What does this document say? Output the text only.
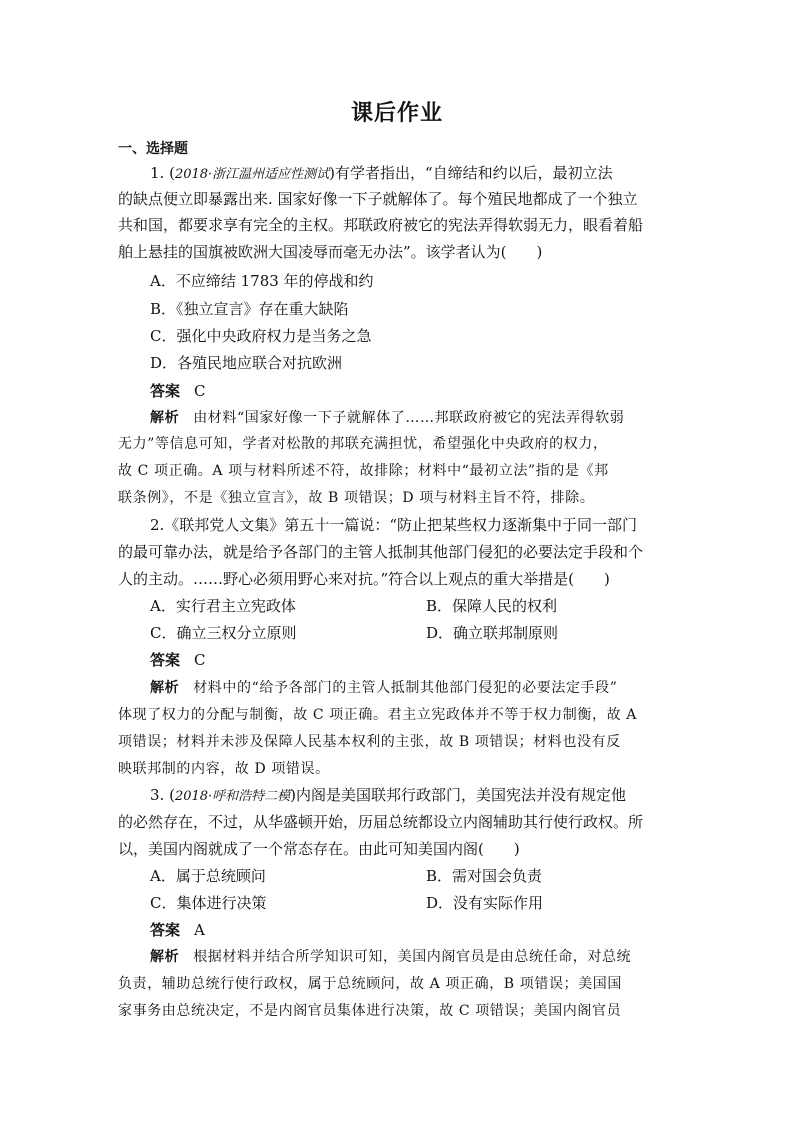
课后作业
一、选择题
1. (2018·浙江温州适应性测试)有学者指出，“自缔结和约以后，最初立法
的缺点便立即暴露出来. 国家好像一下子就解体了。每个殖民地都成了一个独立
共和国，都要求享有完全的主权。邦联政府被它的宪法弄得软弱无力，眼看着船
舶上悬挂的国旗被欧洲大国凌辱而毫无办法”。该学者认为(　　)
A．不应缔结 1783 年的停战和约
B．《独立宣言》存在重大缺陷
C．强化中央政府权力是当务之急
D．各殖民地应联合对抗欧洲
答案 C
解析 由材料“国家好像一下子就解体了……邦联政府被它的宪法弄得软弱
无力”等信息可知，学者对松散的邦联充满担忧，希望强化中央政府的权力，
故 C 项正确。A 项与材料所述不符，故排除；材料中“最初立法”指的是《邦
联条例》，不是《独立宣言》，故 B 项错误；D 项与材料主旨不符，排除。
2.《联邦党人文集》第五十一篇说：“防止把某些权力逐渐集中于同一部门
的最可靠办法，就是给予各部门的主管人抵制其他部门侵犯的必要法定手段和个
人的主动。……野心必须用野心来对抗。”符合以上观点的重大举措是(　　)
A．实行君主立宪政体	B．保障人民的权利
C．确立三权分立原则	D．确立联邦制原则
答案 C
解析 材料中的“给予各部门的主管人抵制其他部门侵犯的必要法定手段”
体现了权力的分配与制衡，故 C 项正确。君主立宪政体并不等于权力制衡，故 A
项错误；材料并未涉及保障人民基本权利的主张，故 B 项错误；材料也没有反
映联邦制的内容，故 D 项错误。
3. (2018·呼和浩特二模)内阁是美国联邦行政部门，美国宪法并没有规定他
的必然存在，不过，从华盛顿开始，历届总统都设立内阁辅助其行使行政权。所
以，美国内阁就成了一个常态存在。由此可知美国内阁(　　)
A．属于总统顾问	B．需对国会负责
C．集体进行决策	D．没有实际作用
答案 A
解析 根据材料并结合所学知识可知，美国内阁官员是由总统任命，对总统
负责，辅助总统行使行政权，属于总统顾问，故 A 项正确，B 项错误；美国国
家事务由总统决定，不是内阁官员集体进行决策，故 C 项错误；美国内阁官员
